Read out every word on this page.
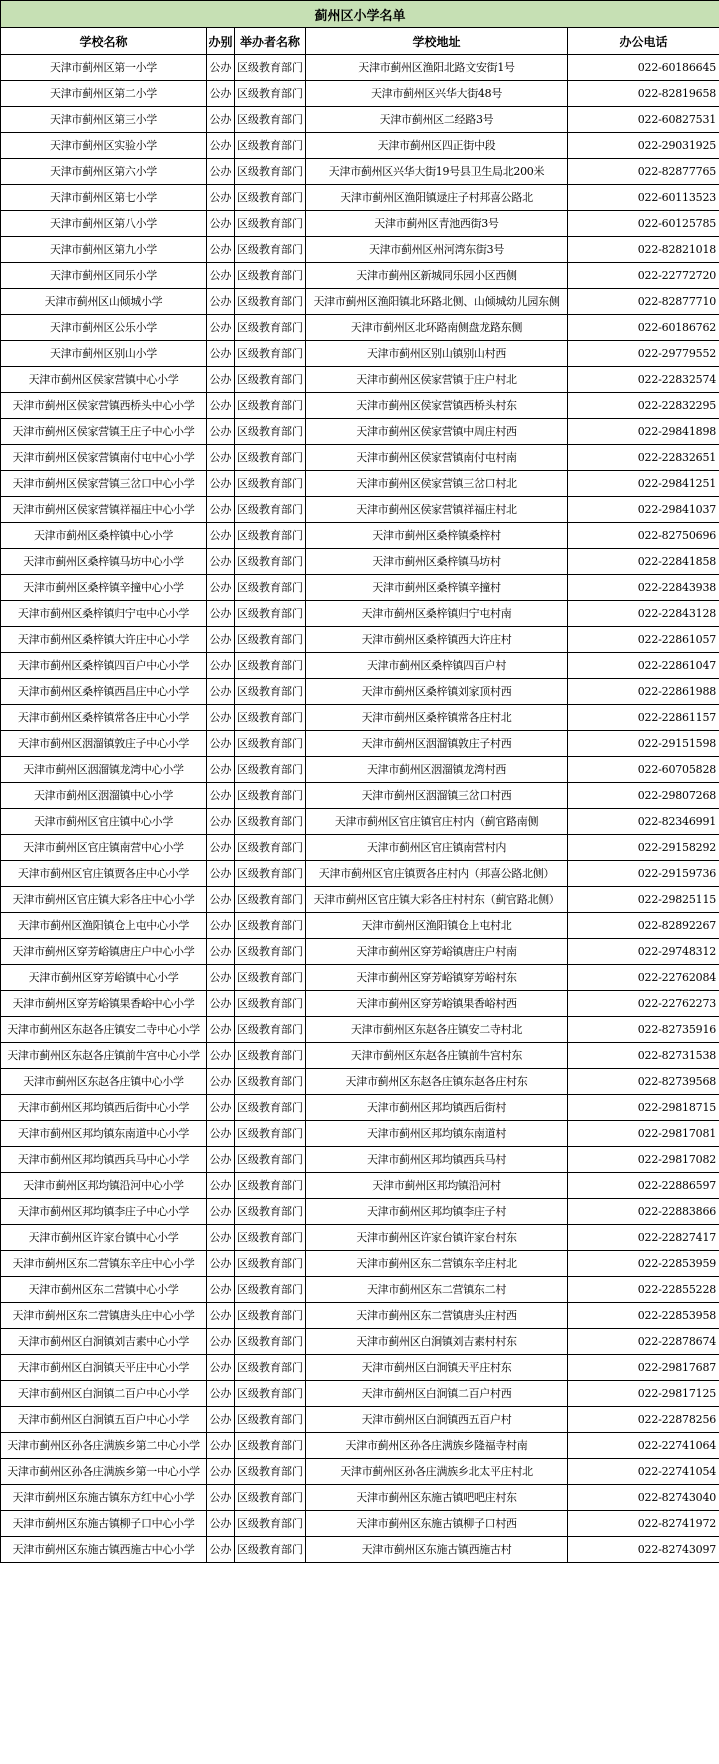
蓟州区小学名单				
学校名称	办别	举办者名称	学校地址	办公电话
天津市蓟州区第一小学	公办	区级教育部门	天津市蓟州区渔阳北路文安街1号	022-60186645
天津市蓟州区第二小学	公办	区级教育部门	天津市蓟州区兴华大街48号	022-82819658
天津市蓟州区第三小学	公办	区级教育部门	天津市蓟州区二经路3号	022-60827531
天津市蓟州区实验小学	公办	区级教育部门	天津市蓟州区四正街中段	022-29031925
天津市蓟州区第六小学	公办	区级教育部门	天津市蓟州区兴华大街19号县卫生局北200米	022-82877765
天津市蓟州区第七小学	公办	区级教育部门	天津市蓟州区渔阳镇逯庄子村邦喜公路北	022-60113523
天津市蓟州区第八小学	公办	区级教育部门	天津市蓟州区青池西街3号	022-60125785
天津市蓟州区第九小学	公办	区级教育部门	天津市蓟州区州河湾东街3号	022-82821018
天津市蓟州区同乐小学	公办	区级教育部门	天津市蓟州区新城同乐园小区西侧	022-22772720
天津市蓟州区山倾城小学	公办	区级教育部门	天津市蓟州区渔阳镇北环路北侧、山倾城幼儿园东侧	022-82877710
天津市蓟州区公乐小学	公办	区级教育部门	天津市蓟州区北环路南侧盘龙路东侧	022-60186762
天津市蓟州区别山小学	公办	区级教育部门	天津市蓟州区别山镇别山村西	022-29779552
天津市蓟州区侯家营镇中心小学	公办	区级教育部门	天津市蓟州区侯家营镇于庄户村北	022-22832574
天津市蓟州区侯家营镇西桥头中心小学	公办	区级教育部门	天津市蓟州区侯家营镇西桥头村东	022-22832295
天津市蓟州区侯家营镇王庄子中心小学	公办	区级教育部门	天津市蓟州区侯家营镇中周庄村西	022-29841898
天津市蓟州区侯家营镇南付屯中心小学	公办	区级教育部门	天津市蓟州区侯家营镇南付屯村南	022-22832651
天津市蓟州区侯家营镇三岔口中心小学	公办	区级教育部门	天津市蓟州区侯家营镇三岔口村北	022-29841251
天津市蓟州区侯家营镇祥福庄中心小学	公办	区级教育部门	天津市蓟州区侯家营镇祥福庄村北	022-29841037
天津市蓟州区桑梓镇中心小学	公办	区级教育部门	天津市蓟州区桑梓镇桑梓村	022-82750696
天津市蓟州区桑梓镇马坊中心小学	公办	区级教育部门	天津市蓟州区桑梓镇马坊村	022-22841858
天津市蓟州区桑梓镇辛撞中心小学	公办	区级教育部门	天津市蓟州区桑梓镇辛撞村	022-22843938
天津市蓟州区桑梓镇归宁屯中心小学	公办	区级教育部门	天津市蓟州区桑梓镇归宁屯村南	022-22843128
天津市蓟州区桑梓镇大许庄中心小学	公办	区级教育部门	天津市蓟州区桑梓镇西大许庄村	022-22861057
天津市蓟州区桑梓镇四百户中心小学	公办	区级教育部门	天津市蓟州区桑梓镇四百户村	022-22861047
天津市蓟州区桑梓镇西昌庄中心小学	公办	区级教育部门	天津市蓟州区桑梓镇刘家顶村西	022-22861988
天津市蓟州区桑梓镇常各庄中心小学	公办	区级教育部门	天津市蓟州区桑梓镇常各庄村北	022-22861157
天津市蓟州区洇溜镇敦庄子中心小学	公办	区级教育部门	天津市蓟州区洇溜镇敦庄子村西	022-29151598
天津市蓟州区洇溜镇龙湾中心小学	公办	区级教育部门	天津市蓟州区洇溜镇龙湾村西	022-60705828
天津市蓟州区洇溜镇中心小学	公办	区级教育部门	天津市蓟州区洇溜镇三岔口村西	022-29807268
天津市蓟州区官庄镇中心小学	公办	区级教育部门	天津市蓟州区官庄镇官庄村内（蓟官路南侧	022-82346991
天津市蓟州区官庄镇南营中心小学	公办	区级教育部门	天津市蓟州区官庄镇南营村内	022-29158292
天津市蓟州区官庄镇贾各庄中心小学	公办	区级教育部门	天津市蓟州区官庄镇贾各庄村内（邦喜公路北侧）	022-29159736
天津市蓟州区官庄镇大彩各庄中心小学	公办	区级教育部门	天津市蓟州区官庄镇大彩各庄村村东（蓟官路北侧）	022-29825115
天津市蓟州区渔阳镇仓上屯中心小学	公办	区级教育部门	天津市蓟州区渔阳镇仓上屯村北	022-82892267
天津市蓟州区穿芳峪镇唐庄户中心小学	公办	区级教育部门	天津市蓟州区穿芳峪镇唐庄户村南	022-29748312
天津市蓟州区穿芳峪镇中心小学	公办	区级教育部门	天津市蓟州区穿芳峪镇穿芳峪村东	022-22762084
天津市蓟州区穿芳峪镇果香峪中心小学	公办	区级教育部门	天津市蓟州区穿芳峪镇果香峪村西	022-22762273
天津市蓟州区东赵各庄镇安二寺中心小学	公办	区级教育部门	天津市蓟州区东赵各庄镇安二寺村北	022-82735916
天津市蓟州区东赵各庄镇前牛宫中心小学	公办	区级教育部门	天津市蓟州区东赵各庄镇前牛宫村东	022-82731538
天津市蓟州区东赵各庄镇中心小学	公办	区级教育部门	天津市蓟州区东赵各庄镇东赵各庄村东	022-82739568
天津市蓟州区邦均镇西后街中心小学	公办	区级教育部门	天津市蓟州区邦均镇西后街村	022-29818715
天津市蓟州区邦均镇东南道中心小学	公办	区级教育部门	天津市蓟州区邦均镇东南道村	022-29817081
天津市蓟州区邦均镇西兵马中心小学	公办	区级教育部门	天津市蓟州区邦均镇西兵马村	022-29817082
天津市蓟州区邦均镇沿河中心小学	公办	区级教育部门	天津市蓟州区邦均镇沿河村	022-22886597
天津市蓟州区邦均镇李庄子中心小学	公办	区级教育部门	天津市蓟州区邦均镇李庄子村	022-22883866
天津市蓟州区许家台镇中心小学	公办	区级教育部门	天津市蓟州区许家台镇许家台村东	022-22827417
天津市蓟州区东二营镇东辛庄中心小学	公办	区级教育部门	天津市蓟州区东二营镇东辛庄村北	022-22853959
天津市蓟州区东二营镇中心小学	公办	区级教育部门	天津市蓟州区东二营镇东二村	022-22855228
天津市蓟州区东二营镇唐头庄中心小学	公办	区级教育部门	天津市蓟州区东二营镇唐头庄村西	022-22853958
天津市蓟州区白涧镇刘吉素中心小学	公办	区级教育部门	天津市蓟州区白涧镇刘吉素村村东	022-22878674
天津市蓟州区白涧镇天平庄中心小学	公办	区级教育部门	天津市蓟州区白涧镇天平庄村东	022-29817687
天津市蓟州区白涧镇二百户中心小学	公办	区级教育部门	天津市蓟州区白涧镇二百户村西	022-29817125
天津市蓟州区白涧镇五百户中心小学	公办	区级教育部门	天津市蓟州区白涧镇西五百户村	022-22878256
天津市蓟州区孙各庄满族乡第二中心小学	公办	区级教育部门	天津市蓟州区孙各庄满族乡隆福寺村南	022-22741064
天津市蓟州区孙各庄满族乡第一中心小学	公办	区级教育部门	天津市蓟州区孙各庄满族乡北太平庄村北	022-22741054
天津市蓟州区东施古镇东方红中心小学	公办	区级教育部门	天津市蓟州区东施古镇吧吧庄村东	022-82743040
天津市蓟州区东施古镇柳子口中心小学	公办	区级教育部门	天津市蓟州区东施古镇柳子口村西	022-82741972
天津市蓟州区东施古镇西施古中心小学	公办	区级教育部门	天津市蓟州区东施古镇西施古村	022-82743097
